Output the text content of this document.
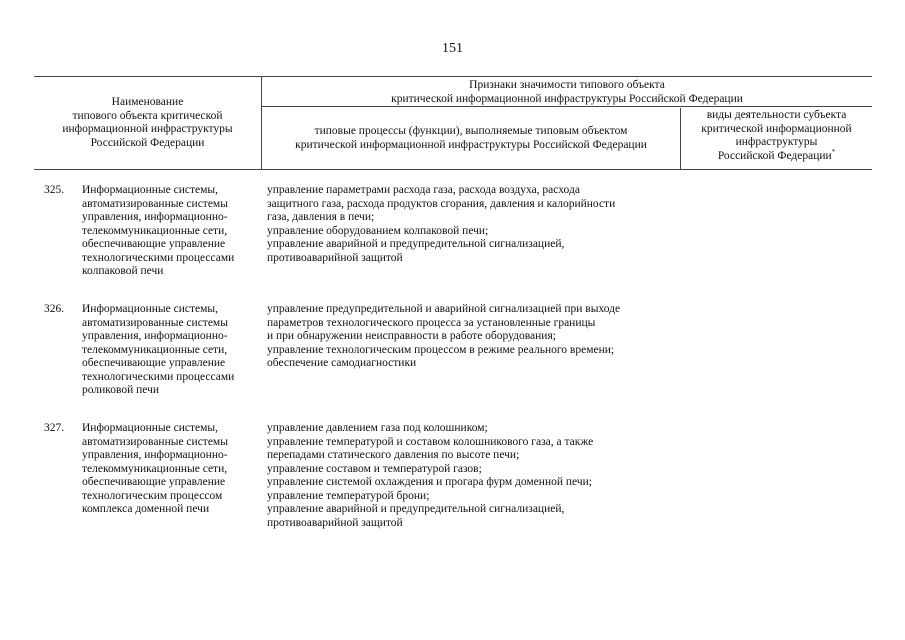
151
Наименование
типового объекта критической
информационной инфраструктуры
Российской Федерации
Признаки значимости типового объекта
критической информационной инфраструктуры Российской Федерации
типовые процессы (функции), выполняемые типовым объектом
критической информационной инфраструктуры Российской Федерации
виды деятельности субъекта
критической информационной
инфраструктуры
Российской Федерации*
325. Информационные системы,
автоматизированные системы
управления, информационно-
телекоммуникационные сети,
обеспечивающие управление
технологическими процессами
колпаковой печи
управление параметрами расхода газа, расхода воздуха, расхода
защитного газа, расхода продуктов сгорания, давления и калорийности
газа, давления в печи;
управление оборудованием колпаковой печи;
управление аварийной и предупредительной сигнализацией,
противоаварийной защитой
326. Информационные системы,
автоматизированные системы
управления, информационно-
телекоммуникационные сети,
обеспечивающие управление
технологическими процессами
роликовой печи
управление предупредительной и аварийной сигнализацией при выходе
параметров технологического процесса за установленные границы
и при обнаружении неисправности в работе оборудования;
управление технологическим процессом в режиме реального времени;
обеспечение самодиагностики
327. Информационные системы,
автоматизированные системы
управления, информационно-
телекоммуникационные сети,
обеспечивающие управление
технологическим процессом
комплекса доменной печи
управление давлением газа под колошником;
управление температурой и составом колошникового газа, а также
перепадами статического давления по высоте печи;
управление составом и температурой газов;
управление системой охлаждения и прогара фурм доменной печи;
управление температурой брони;
управление аварийной и предупредительной сигнализацией,
противоаварийной защитой
